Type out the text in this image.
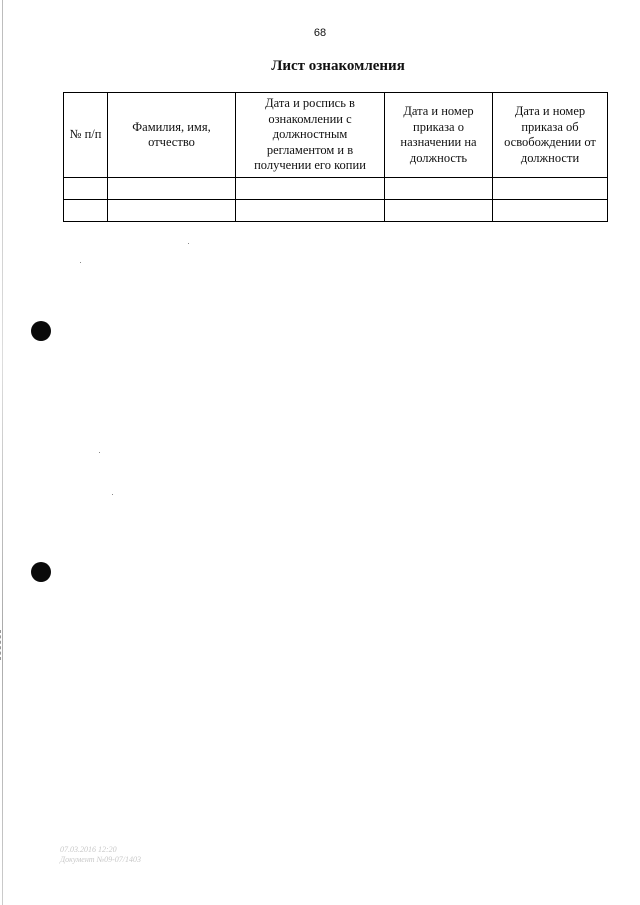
68
Лист ознакомления
№ п/п	Фамилия, имя, отчество	Дата и роспись в ознакомлении с должностным регламентом и в получении его копии	Дата и номер приказа о назначении на должность	Дата и номер приказа об освобождении от должности

07.03.2016 12:20
Документ №09-07/1403
